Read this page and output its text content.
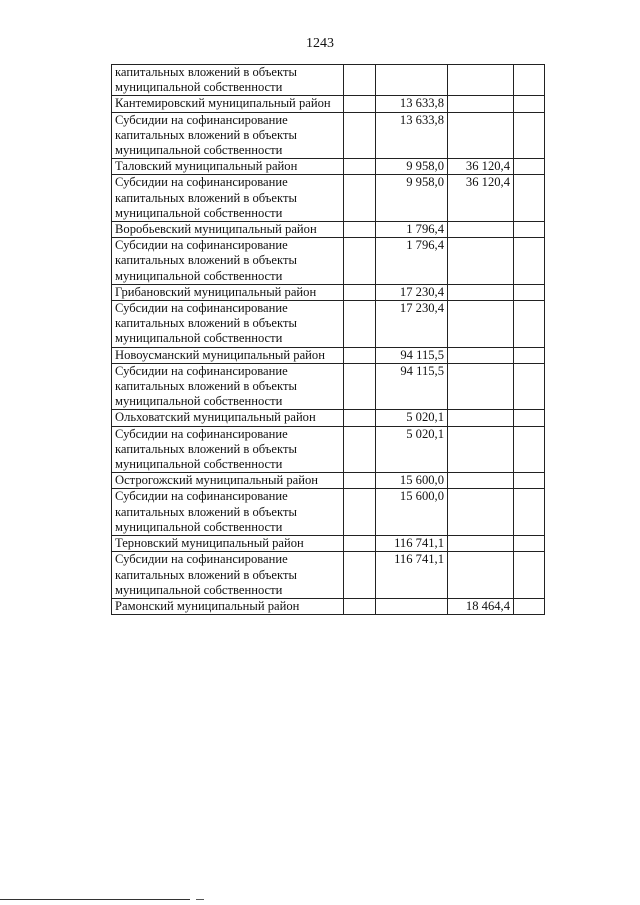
1243
капитальных вложений в объекты муниципальной собственности				
Кантемировский муниципальный район		13 633,8		
Субсидии на софинансирование капитальных вложений в объекты муниципальной собственности		13 633,8		
Таловский муниципальный район		9 958,0	36 120,4	
Субсидии на софинансирование капитальных вложений в объекты муниципальной собственности		9 958,0	36 120,4	
Воробьевский муниципальный район		1 796,4		
Субсидии на софинансирование капитальных вложений в объекты муниципальной собственности		1 796,4		
Грибановский муниципальный район		17 230,4		
Субсидии на софинансирование капитальных вложений в объекты муниципальной собственности		17 230,4		
Новоусманский муниципальный район		94 115,5		
Субсидии на софинансирование капитальных вложений в объекты муниципальной собственности		94 115,5		
Ольховатский муниципальный район		5 020,1		
Субсидии на софинансирование капитальных вложений в объекты муниципальной собственности		5 020,1		
Острогожский муниципальный район		15 600,0		
Субсидии на софинансирование капитальных вложений в объекты муниципальной собственности		15 600,0		
Терновский муниципальный район		116 741,1		
Субсидии на софинансирование капитальных вложений в объекты муниципальной собственности		116 741,1		
Рамонский муниципальный район			18 464,4	
